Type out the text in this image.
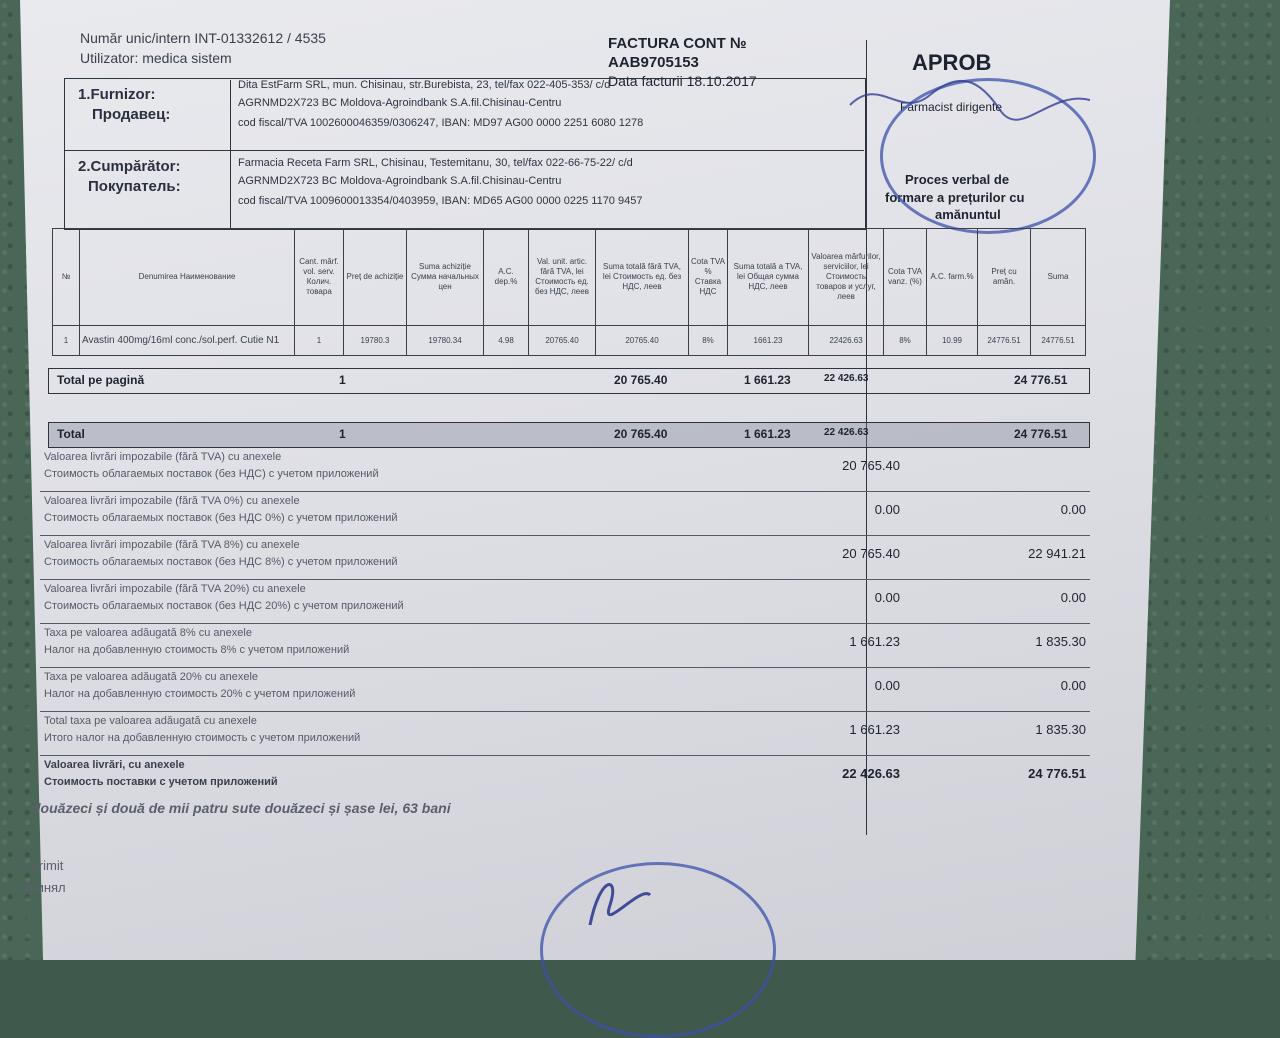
Număr unic/intern INT-01332612 / 4535
Utilizator: medica sistem
FACTURA CONT №
AAB9705153
Data facturii 18.10.2017
APROB
Farmacist dirigente
Proces verbal de
formare a prețurilor cu
amănuntul
1.Furnizor:
Продавец:
Dita EstFarm SRL, mun. Chisinau, str.Burebista, 23, tel/fax 022-405-353/ c/d
AGRNMD2X723 BC Moldova-Agroindbank S.A.fil.Chisinau-Centru
cod fiscal/TVA 1002600046359/0306247, IBAN: MD97 AG00 0000 2251 6080 1278
2.Cumpărător:
Покупатель:
Farmacia Receta Farm SRL, Chisinau, Testemitanu, 30, tel/fax 022-66-75-22/ c/d
AGRNMD2X723 BC Moldova-Agroindbank S.A.fil.Chisinau-Centru
cod fiscal/TVA 1009600013354/0403959, IBAN: MD65 AG00 0000 0225 1170 9457
№	Denumirea Наименование	Cant. mărf. vol. serv. Колич. товара	Preț de achiziție	Suma achiziție Сумма начальных цен	A.C. dep.%	Val. unit. artic. fără TVA, lei Стоимость ед. без НДС, леев	Suma totală fără TVA, lei Стоимость ед. без НДС, леев	Cota TVA % Ставка НДС	Suma totală a TVA, lei Общая сумма НДС, леев	Valoarea mărfurilor, serviciilor, lei Стоимость товаров и услуг, леев	Cota TVA vanz. (%)	A.C. farm.%	Preț cu amăn.	Suma
1	Avastin 400mg/16ml conc./sol.perf. Cutie N1	1	19780.3	19780.34	4.98	20765.40	20765.40	8%	1661.23	22426.63	8%	10.99	24776.51	24776.51
Total pe pagină	1	20 765.40	1 661.23	22 426.63	24 776.51
Total	1	20 765.40	1 661.23	22 426.63	24 776.51
Valoarea livrări impozabile (fără TVA) cu anexele
Стоимость облагаемых поставок (без НДС) с учетом приложений
20 765.40
Valoarea livrări impozabile (fără TVA 0%) cu anexele
Стоимость облагаемых поставок (без НДС 0%) с учетом приложений
0.00	0.00
Valoarea livrări impozabile (fără TVA 8%) cu anexele
Стоимость облагаемых поставок (без НДС 8%) с учетом приложений
20 765.40	22 941.21
Valoarea livrări impozabile (fără TVA 20%) cu anexele
Стоимость облагаемых поставок (без НДС 20%) с учетом приложений
0.00	0.00
Taxa pe valoarea adăugată 8% cu anexele
Налог на добавленную стоимость 8% с учетом приложений
1 661.23	1 835.30
Taxa pe valoarea adăugată 20% cu anexele
Налог на добавленную стоимость 20% с учетом приложений
0.00	0.00
Total taxa pe valoarea adăugată cu anexele
Итого налог на добавленную стоимость с учетом приложений
1 661.23	1 835.30
Valoarea livrări, cu anexele
Стоимость поставки с учетом приложений
22 426.63	24 776.51
douăzeci și două de mii patru sute douăzeci și șase lei, 63 bani
A primit
Принял
